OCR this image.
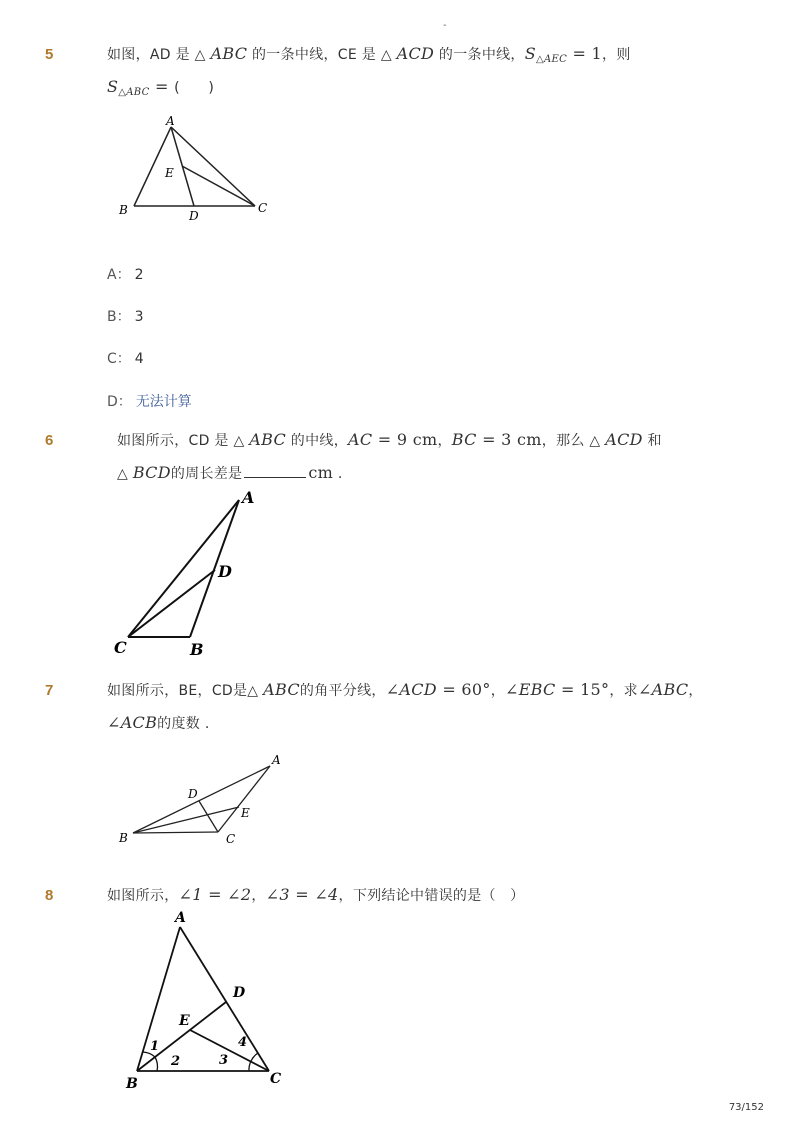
-
5	如图，AD 是 △ ABC 的一条中线，CE 是 △ ACD 的一条中线，$S_{\triangle AEC} = 1$，则
$S_{\triangle ABC}$ = (　　)
A
B	C
D
E
A： 2
B： 3
C： 4
D： 无法计算
6	如图所示，CD 是 △ ABC 的中线，AC = 9 cm，BC = 3 cm，那么 △ ACD 和
△ BCD的周长差是	cm .
A
D
C	B
7	如图所示，BE，CD是△ ABC的角平分线，∠ACD = 60°，∠EBC = 15°，求∠ABC，
∠ACB的度数 .
A
D
E
B	C
8	如图所示，∠1 = ∠2，∠3 = ∠4，下列结论中错误的是（　）
A
D
E
B	C
1
2	3
4
73/152
